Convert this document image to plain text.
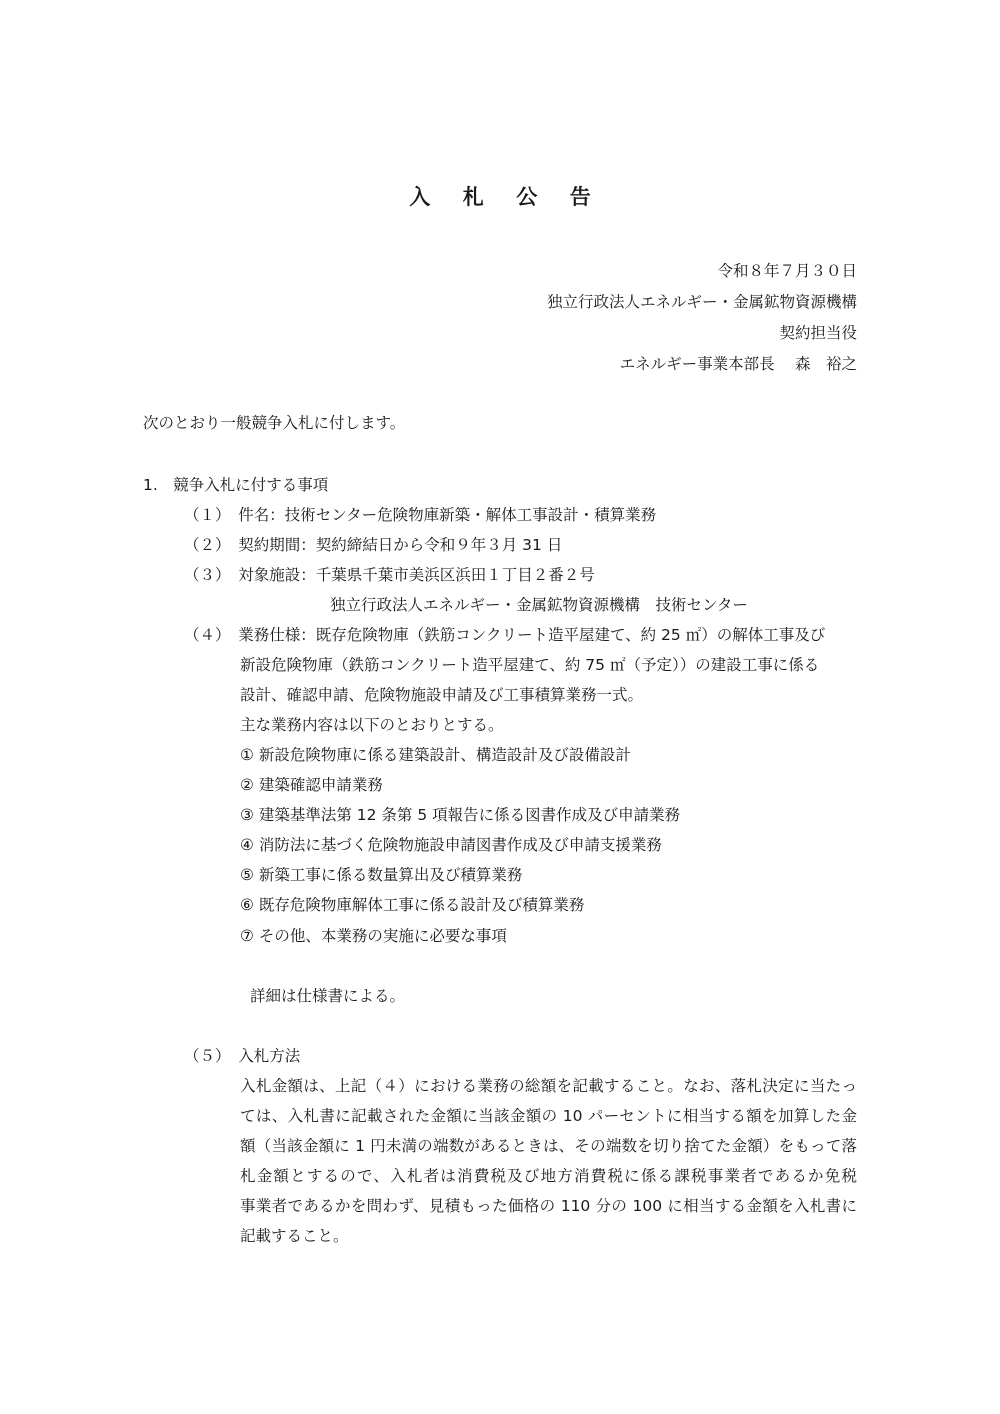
入 札 公 告
令和８年７月３０日
独立行政法人エネルギー・金属鉱物資源機構
契約担当役
エネルギー事業本部長　 森　裕之
次のとおり一般競争入札に付します。
1.　競争入札に付する事項
（１）　件名：技術センター危険物庫新築・解体工事設計・積算業務
（２）　契約期間：契約締結日から令和９年３月 31 日
（３）　対象施設：千葉県千葉市美浜区浜田１丁目２番２号
独立行政法人エネルギー・金属鉱物資源機構　技術センター
（４）　業務仕様：既存危険物庫（鉄筋コンクリート造平屋建て、約 25 ㎡）の解体工事及び
新設危険物庫（鉄筋コンクリート造平屋建て、約 75 ㎡（予定））の建設工事に係る
設計、確認申請、危険物施設申請及び工事積算業務一式。
主な業務内容は以下のとおりとする。
① 新設危険物庫に係る建築設計、構造設計及び設備設計
② 建築確認申請業務
③ 建築基準法第 12 条第 5 項報告に係る図書作成及び申請業務
④ 消防法に基づく危険物施設申請図書作成及び申請支援業務
⑤ 新築工事に係る数量算出及び積算業務
⑥ 既存危険物庫解体工事に係る設計及び積算業務
⑦ その他、本業務の実施に必要な事項
詳細は仕様書による。
（５）　入札方法
入札金額は、上記（４）における業務の総額を記載すること。なお、落札決定に当たっ
ては、入札書に記載された金額に当該金額の 10 パーセントに相当する額を加算した金
額（当該金額に 1 円未満の端数があるときは、その端数を切り捨てた金額）をもって落
札金額とするので、入札者は消費税及び地方消費税に係る課税事業者であるか免税
事業者であるかを問わず、見積もった価格の 110 分の 100 に相当する金額を入札書に
記載すること。
